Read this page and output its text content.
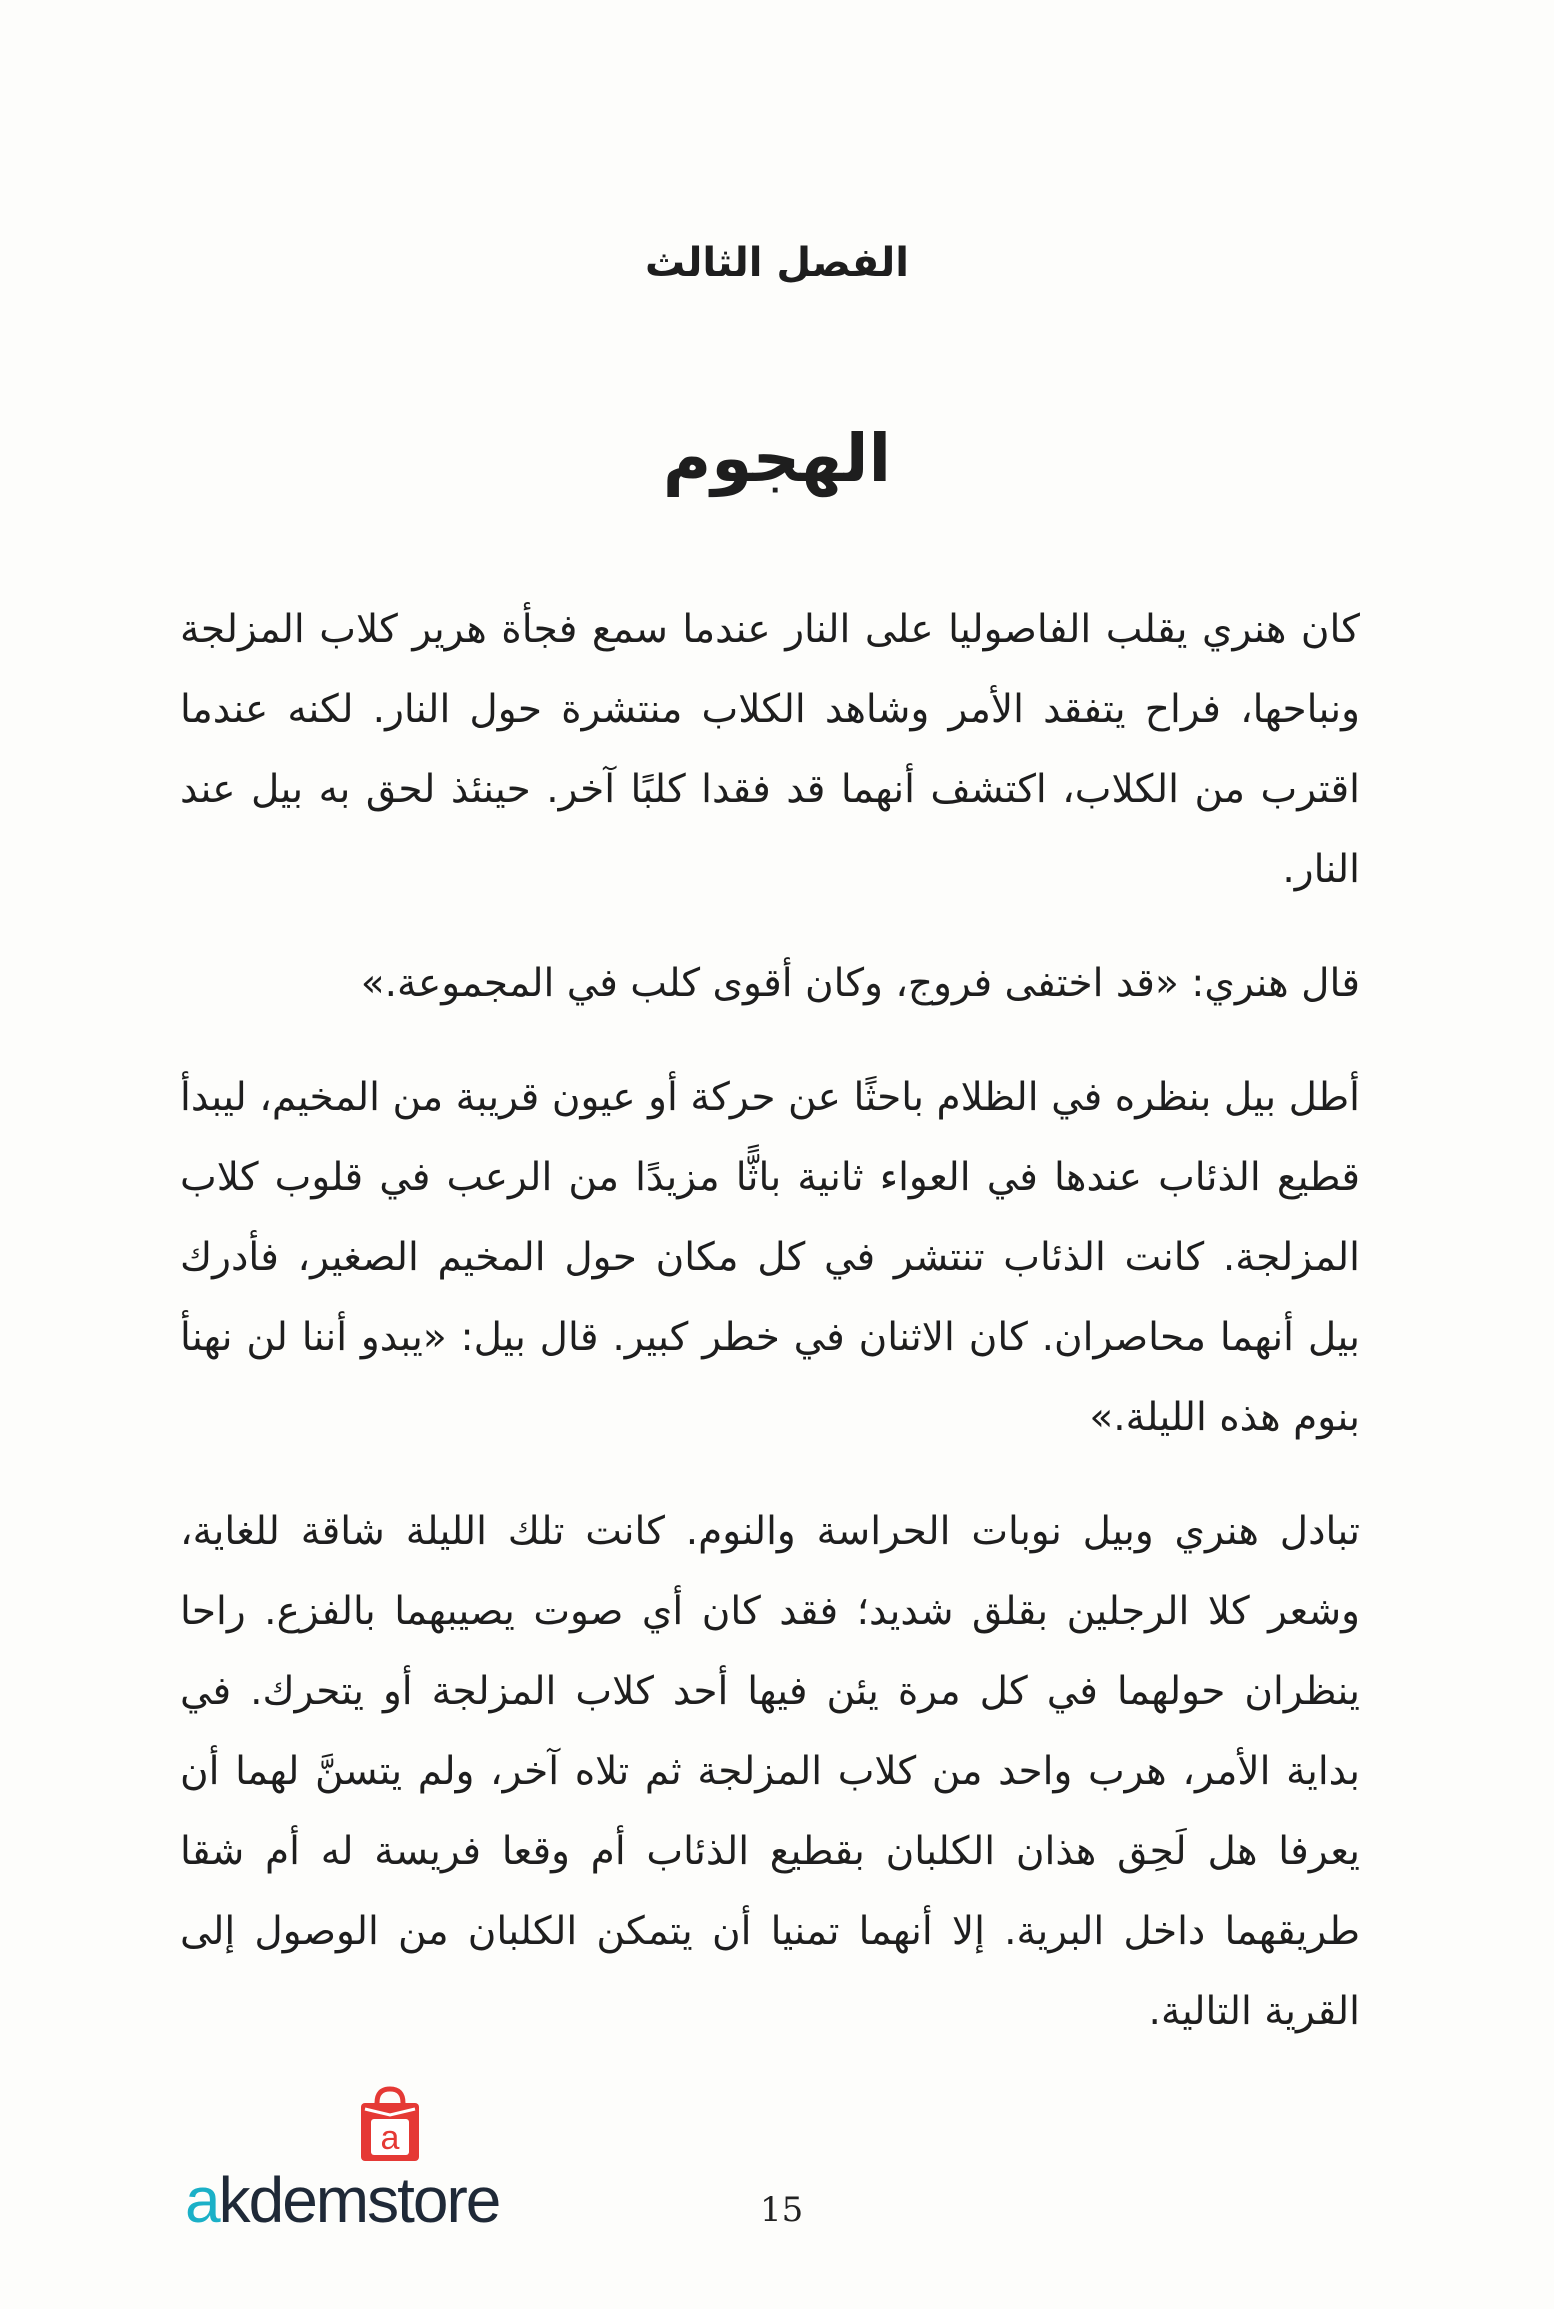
الفصل الثالث
الهجوم

كان هنري يقلب الفاصوليا على النار عندما سمع فجأة هرير كلاب المزلجة ونباحها، فراح يتفقد الأمر وشاهد الكلاب منتشرة حول النار. لكنه عندما اقترب من الكلاب، اكتشف أنهما قد فقدا كلبًا آخر. حينئذ لحق به بيل عند النار.

قال هنري: «قد اختفى فروج، وكان أقوى كلب في المجموعة.»

أطل بيل بنظره في الظلام باحثًا عن حركة أو عيون قريبة من المخيم، ليبدأ قطيع الذئاب عندها في العواء ثانية باثًّا مزيدًا من الرعب في قلوب كلاب المزلجة. كانت الذئاب تنتشر في كل مكان حول المخيم الصغير، فأدرك بيل أنهما محاصران. كان الاثنان في خطر كبير. قال بيل: «يبدو أننا لن نهنأ بنوم هذه الليلة.»

تبادل هنري وبيل نوبات الحراسة والنوم. كانت تلك الليلة شاقة للغاية، وشعر كلا الرجلين بقلق شديد؛ فقد كان أي صوت يصيبهما بالفزع. راحا ينظران حولهما في كل مرة يئن فيها أحد كلاب المزلجة أو يتحرك. في بداية الأمر، هرب واحد من كلاب المزلجة ثم تلاه آخر، ولم يتسنَّ لهما أن يعرفا هل لَحِق هذان الكلبان بقطيع الذئاب أم وقعا فريسة له أم شقا طريقهما داخل البرية. إلا أنهما تمنيا أن يتمكن الكلبان من الوصول إلى القرية التالية.

a
akdemstore	15
